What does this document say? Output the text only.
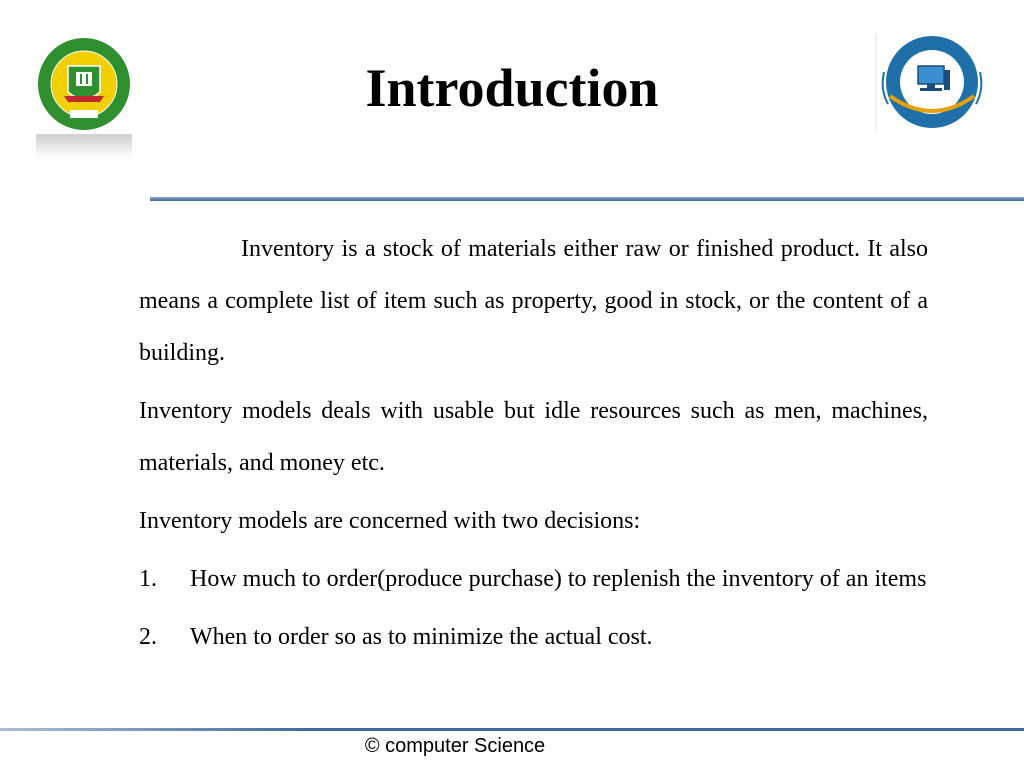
Introduction

Inventory is a stock of materials either raw or finished product. It also means a complete list of item such as property, good in stock, or the content of a building.

Inventory models deals with usable but idle resources such as men, machines, materials, and money etc.

Inventory models are concerned with two decisions:

1.	How much to order(produce purchase) to replenish the inventory of an items
2.	When to order so as to minimize the actual cost.
© computer Science
